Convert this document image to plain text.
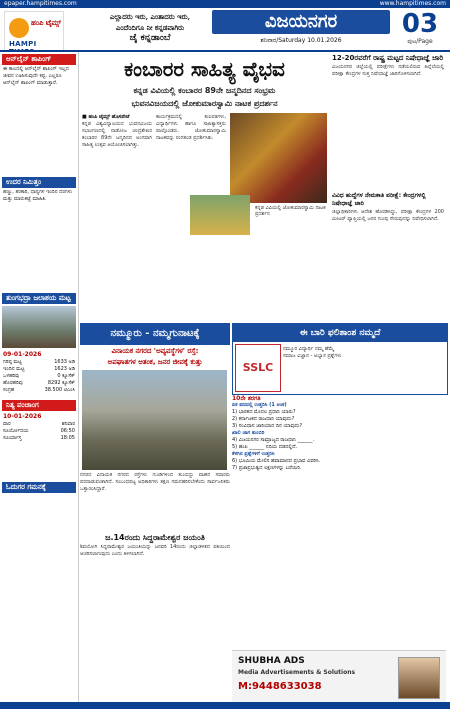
epaper.hampitimes.com	www.hampitimes.com
ಹಂಪಿ ಟೈಮ್ಸ್
HAMPI
ಎಲ್ಲಾದರು ಇರು, ಎಂತಾದರು ಇರು,
ಎಂದೆಂದಿಗೂ ನೀ ಕನ್ನಡವಾಗಿರು
ಜೈ ಕನ್ನಡಾಂಬೆ
ವಿಜಯನಗರ
ಶನಿವಾರ/Saturday 10.01.2026
03
ಪುಟ/Page
ಆನ್‌ಲೈನ್ ಶಾಪಿಂಗ್
ಈ ಕಾಲದಲ್ಲಿ ಆನ್‌ಲೈನ್ ಶಾಪಿಂಗ್ ಇಲ್ಲದ ಜೀವನ ಊಹಿಸುವುದೇ ಕಷ್ಟ. ಎಲ್ಲರೂ ಆನ್‌ಲೈನ್ ಶಾಪಿಂಗ್ ಮಾಡುತ್ತಾರೆ.
ಉದರ ನಿಮಿತ್ತಂ
ಹಣ್ಣು, ತರಕಾರಿ, ಧಾನ್ಯಗಳ ಇಂದಿನ ದರಗಳು ಮತ್ತು ಮಾರುಕಟ್ಟೆ ಮಾಹಿತಿ.
ತುಂಗಭದ್ರಾ ಜಲಾಶಯ ಮಟ್ಟ
09-01-2026
ಗರಿಷ್ಠ ಮಟ್ಟ	1633 ಅಡಿ
ಇಂದಿನ ಮಟ್ಟ	1623 ಅಡಿ
ಒಳಹರಿವು	0 ಕ್ಯೂಸೆಕ್
ಹೊರಹರಿವು	8292 ಕ್ಯೂಸೆಕ್
ಸಂಗ್ರಹ	38.500 ಟಿಎಂಸಿ
ನಿತ್ಯ ಪಂಚಾಂಗ
10-01-2026
ವಾರ	ಶನಿವಾರ
ಸೂರ್ಯೋದಯ	06:50
ಸೂರ್ಯಾಸ್ತ	18:05
ಓದುಗರ ಗಮನಕ್ಕೆ
ಕಂಬಾರರ ಸಾಹಿತ್ಯ ವೈಭವ
ಕನ್ನಡ ವಿವಿಯಲ್ಲಿ ಕಂಬಾರರ 89ನೇ ಜನ್ಮದಿನದ ಸಂಭ್ರಮ
ಭುವನವಿಜಯದಲ್ಲಿ ಜೋಕುಮಾರಸ್ವಾಮಿ ನಾಟಕ ಪ್ರದರ್ಶನ
■ ಹಂಪಿ ಟೈಮ್ಸ್ ಹೊಸಪೇಟೆ
ಕನ್ನಡ ವಿಶ್ವವಿದ್ಯಾಲಯದ ಭುವನವಿಜಯ ಸಭಾಂಗಣದಲ್ಲಿ ನಾಡೋಜ ಚಂದ್ರಶೇಖರ ಕಂಬಾರರ 89ನೇ ಜನ್ಮದಿನದ ಅಂಗವಾಗಿ ಸಾಹಿತ್ಯ ಉತ್ಸವ ಆಯೋಜಿಸಲಾಗಿತ್ತು.
ಕಾರ್ಯಕ್ರಮದಲ್ಲಿ ಕುಲಪತಿಗಳು, ವಿದ್ಯಾರ್ಥಿಗಳು ಹಾಗೂ ಸಾಹಿತ್ಯಾಸಕ್ತರು ಪಾಲ್ಗೊಂಡರು. ಜೋಕುಮಾರಸ್ವಾಮಿ ನಾಟಕವನ್ನು ರಂಗತಂಡ ಪ್ರದರ್ಶಿಸಿತು.
ಕನ್ನಡ ವಿವಿಯಲ್ಲಿ ಜೋಕುಮಾರಸ್ವಾಮಿ ನಾಟಕ ಪ್ರದರ್ಶನ
12-20ರವರೆಗೆ ರಾಷ್ಟ್ರ ಮಟ್ಟದ ನಿಷೇಧಾಜ್ಞೆ ಜಾರಿ
ವಿಜಯನಗರ ಜಿಲ್ಲೆಯಲ್ಲಿ ಪರೀಕ್ಷೆಗಳು ನಡೆಯಲಿರುವ ಹಿನ್ನೆಲೆಯಲ್ಲಿ ಪರೀಕ್ಷಾ ಕೇಂದ್ರಗಳ ಸುತ್ತ ನಿಷೇಧಾಜ್ಞೆ ಜಾರಿಗೊಳಿಸಲಾಗಿದೆ.
ವಿವಿಧ ಹುದ್ದೆಗಳ ನೇಮಕಾತಿ ಪರೀಕ್ಷೆ: ಕೇಂದ್ರಗಳಲ್ಲಿ ನಿಷೇಧಾಜ್ಞೆ ಜಾರಿ
ಜಿಲ್ಲಾಧಿಕಾರಿಗಳು ಆದೇಶ ಹೊರಡಿಸಿದ್ದು, ಪರೀಕ್ಷಾ ಕೇಂದ್ರಗಳ 200 ಮೀಟರ್ ವ್ಯಾಪ್ತಿಯಲ್ಲಿ ಜನರ ಗುಂಪು ಸೇರುವುದನ್ನು ನಿಷೇಧಿಸಲಾಗಿದೆ.
ನಮ್ಮೂರು - ನಮ್ಮಗುನಾಟಕ್ಕೆ
ವಿನಾಯಕ ನಗರದ 'ಅವ್ಯವಸ್ಥೆಗಳ' ರಸ್ತೆ:
ಅಪಘಾತಗಳ ಆತಂಕ, ಜನರ ಜೀವಕ್ಕೆ ಕುತ್ತು
ನಗರದ ವಿನಾಯಕ ನಗರದ ರಸ್ತೆಗಳು ಗುಂಡಿಗಳಿಂದ ತುಂಬಿದ್ದು ವಾಹನ ಸವಾರರು ಪರದಾಡುವಂತಾಗಿದೆ. ಸಂಬಂಧಪಟ್ಟ ಅಧಿಕಾರಿಗಳು ತಕ್ಷಣ ಗಮನಹರಿಸಬೇಕೆಂದು ಸಾರ್ವಜನಿಕರು ಒತ್ತಾಯಿಸಿದ್ದಾರೆ.
ಜ.14ರಂದು ಸಿದ್ದರಾಮೇಶ್ವರ ಜಯಂತಿ
ಶಿವಯೋಗಿ ಸಿದ್ದರಾಮೇಶ್ವರ ಜಯಂತಿಯನ್ನು ಜನವರಿ 14ರಂದು ಜಿಲ್ಲಾಡಳಿತದ ವತಿಯಿಂದ ಆಚರಿಸಲಾಗುವುದು ಎಂದು ತಿಳಿಸಲಾಗಿದೆ.
ಈ ಬಾರಿ ಫಲಿತಾಂಶ ನಮ್ಮದೆ
SSLC
ನಮ್ಮೂರ ವಿದ್ಯಾರ್ಥಿ ನಮ್ಮ ಹೆಮ್ಮೆ
ಸಮಾಜ ವಿಜ್ಞಾನ - ಅಭ್ಯಾಸ ಪ್ರಶ್ನೆಗಳು
10ನೇ ತರಗತಿ
ಏಕ ಪದದಲ್ಲಿ ಉತ್ತರಿಸಿ (1 ಅಂಕ)
1) ಭಾರತದ ಮೊದಲ ಪ್ರಧಾನಿ ಯಾರು?
2) ಕರ್ನಾಟಕದ ರಾಜಧಾನಿ ಯಾವುದು?
3) ಸಂವಿಧಾನ ಜಾರಿಯಾದ ದಿನ ಯಾವುದು?
ಖಾಲಿ ಜಾಗ ತುಂಬಿರಿ
4) ವಿಜಯನಗರ ಸಾಮ್ರಾಜ್ಯದ ರಾಜಧಾನಿ ______.
5) ಹಂಪಿ ______ ನದಿಯ ದಡದಲ್ಲಿದೆ.
ಕೆಳಗಿನ ಪ್ರಶ್ನೆಗಳಿಗೆ ಉತ್ತರಿಸಿ
6) ಭೂಮಿಯ ಮೇಲಿನ ಹವಾಮಾನದ ಪ್ರಭಾವ ವಿವರಿಸಿ.
7) ಪ್ರಜಾಪ್ರಭುತ್ವದ ಲಕ್ಷಣಗಳನ್ನು ಬರೆಯಿರಿ.
SHUBHA ADS
Media Advertisements & Solutions
M:9448633038
